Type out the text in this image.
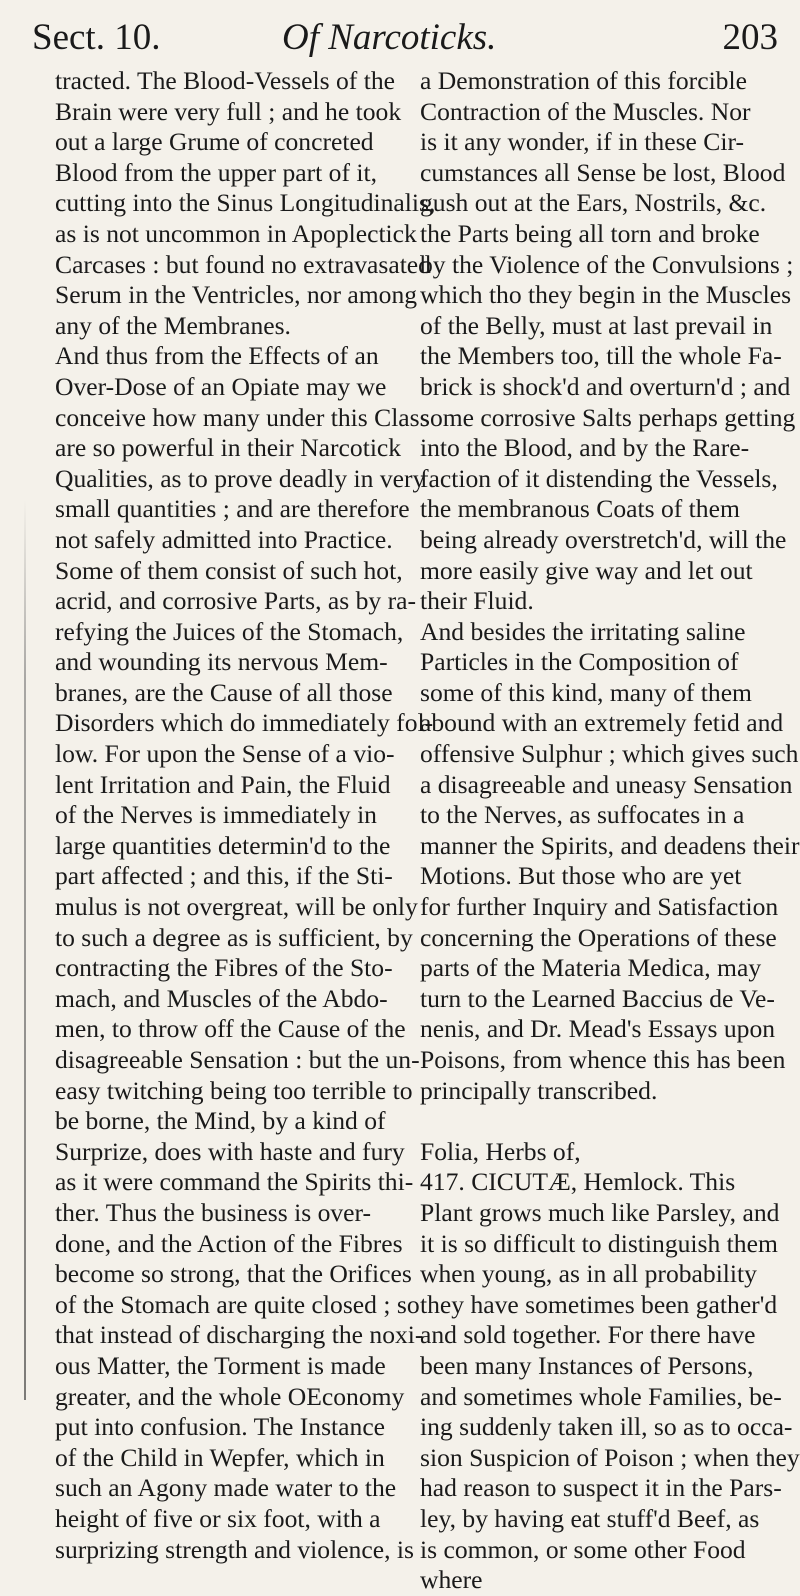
Sect. 10.	Of Narcoticks.	203
tracted. The Blood-Vessels of the
Brain were very full ; and he took
out a large Grume of concreted
Blood from the upper part of it,
cutting into the Sinus Longitudinalis,
as is not uncommon in Apoplectick
Carcases : but found no extravasated
Serum in the Ventricles, nor among
any of the Membranes.
And thus from the Effects of an
Over-Dose of an Opiate may we
conceive how many under this Class
are so powerful in their Narcotick
Qualities, as to prove deadly in very
small quantities ; and are therefore
not safely admitted into Practice.
Some of them consist of such hot,
acrid, and corrosive Parts, as by ra-
refying the Juices of the Stomach,
and wounding its nervous Mem-
branes, are the Cause of all those
Disorders which do immediately fol-
low. For upon the Sense of a vio-
lent Irritation and Pain, the Fluid
of the Nerves is immediately in
large quantities determin'd to the
part affected ; and this, if the Sti-
mulus is not overgreat, will be only
to such a degree as is sufficient, by
contracting the Fibres of the Sto-
mach, and Muscles of the Abdo-
men, to throw off the Cause of the
disagreeable Sensation : but the un-
easy twitching being too terrible to
be borne, the Mind, by a kind of
Surprize, does with haste and fury
as it were command the Spirits thi-
ther. Thus the business is over-
done, and the Action of the Fibres
become so strong, that the Orifices
of the Stomach are quite closed ; so
that instead of discharging the noxi-
ous Matter, the Torment is made
greater, and the whole OEconomy
put into confusion. The Instance
of the Child in Wepfer, which in
such an Agony made water to the
height of five or six foot, with a
surprizing strength and violence, is
a Demonstration of this forcible
Contraction of the Muscles. Nor
is it any wonder, if in these Cir-
cumstances all Sense be lost, Blood
gush out at the Ears, Nostrils, &c.
the Parts being all torn and broke
by the Violence of the Convulsions ;
which tho they begin in the Muscles
of the Belly, must at last prevail in
the Members too, till the whole Fa-
brick is shock'd and overturn'd ; and
some corrosive Salts perhaps getting
into the Blood, and by the Rare-
faction of it distending the Vessels,
the membranous Coats of them
being already overstretch'd, will the
more easily give way and let out
their Fluid.
And besides the irritating saline
Particles in the Composition of
some of this kind, many of them
abound with an extremely fetid and
offensive Sulphur ; which gives such
a disagreeable and uneasy Sensation
to the Nerves, as suffocates in a
manner the Spirits, and deadens their
Motions. But those who are yet
for further Inquiry and Satisfaction
concerning the Operations of these
parts of the Materia Medica, may
turn to the Learned Baccius de Ve-
nenis, and Dr. Mead's Essays upon
Poisons, from whence this has been
principally transcribed.
Folia, Herbs of,
417. CICUTÆ, Hemlock. This
Plant grows much like Parsley, and
it is so difficult to distinguish them
when young, as in all probability
they have sometimes been gather'd
and sold together. For there have
been many Instances of Persons,
and sometimes whole Families, be-
ing suddenly taken ill, so as to occa-
sion Suspicion of Poison ; when they
had reason to suspect it in the Pars-
ley, by having eat stuff'd Beef, as
is common, or some other Food
where
